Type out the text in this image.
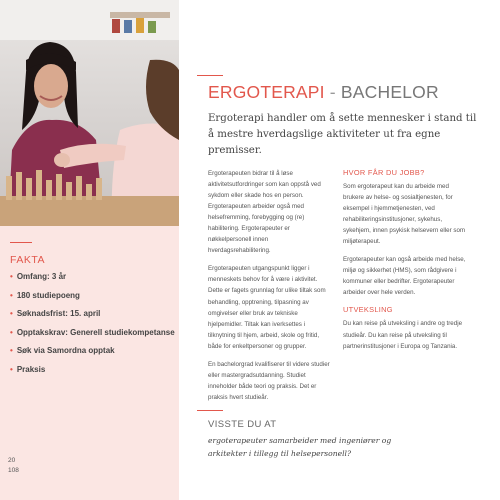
FAKTA
• Omfang: 3 år
• 180 studiepoeng
• Søknadsfrist: 15. april
• Opptakskrav: Generell studiekompetanse
• Søk via Samordna opptak
• Praksis
20
108
ERGOTERAPI - BACHELOR
Ergoterapi handler om å sette mennesker i stand til å mestre hverdagslige aktiviteter ut fra egne premisser.

Ergoterapeuten bidrar til å løse aktivitetsutfordringer som kan oppstå ved sykdom eller skade hos en person. Ergoterapeuten arbeider også med helsefremming, forebygging og (re) habilitering. Ergoterapeuter er nøkkelpersonell innen hverdagsrehabilitering.

Ergoterapeuten utgangspunkt ligger i menneskets behov for å være i aktivitet. Dette er fagets grunnlag for ulike tiltak som behandling, opptrening, tilpasning av omgivelser eller bruk av tekniske hjelpemidler. Tiltak kan iverksettes i tilknytning til hjem, arbeid, skole og fritid, både for enkeltpersoner og grupper.

En bachelorgrad kvalifiserer til videre studier eller mastergradsutdanning. Studiet inneholder både teori og praksis. Det er praksis hvert studieår.

HVOR FÅR DU JOBB?

Som ergoterapeut kan du arbeide med brukere av helse- og sosialtjenesten, for eksempel i hjemmetjenesten, ved rehabiliteringsinstitusjoner, sykehus, sykehjem, innen psykisk helsevern eller som miljøterapeut.

Ergoterapeuter kan også arbeide med helse, miljø og sikkerhet (HMS), som rådgivere i kommuner eller bedrifter. Ergoterapeuter arbeider over hele verden.

UTVEKSLING

Du kan reise på utveksling i andre og tredje studieår. Du kan reise på utveksling til partnerinstitusjoner i Europa og Tanzania.

VISSTE DU AT
ergoterapeuter samarbeider med ingeniører og arkitekter i tillegg til helsepersonell?
